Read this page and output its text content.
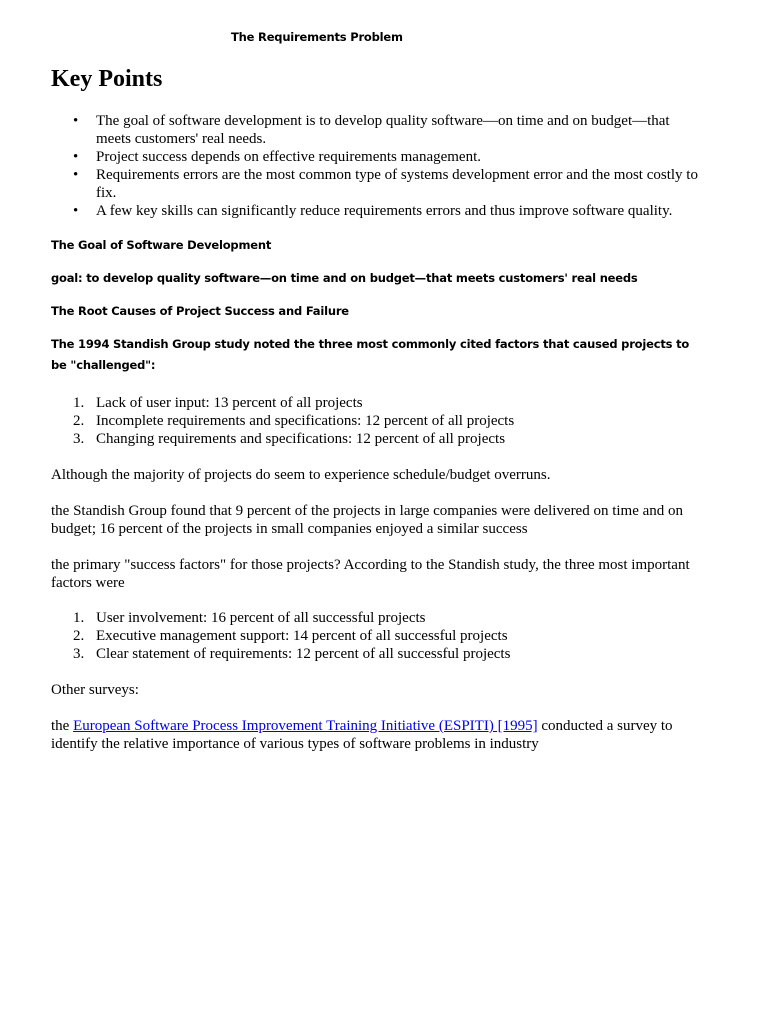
The Requirements Problem
Key Points
• The goal of software development is to develop quality software—on time and on budget—that meets customers' real needs.
• Project success depends on effective requirements management.
• Requirements errors are the most common type of systems development error and the most costly to fix.
• A few key skills can significantly reduce requirements errors and thus improve software quality.
The Goal of Software Development
goal: to develop quality software—on time and on budget—that meets customers' real needs
The Root Causes of Project Success and Failure
The 1994 Standish Group study noted the three most commonly cited factors that caused projects to be "challenged":
1. Lack of user input: 13 percent of all projects
2. Incomplete requirements and specifications: 12 percent of all projects
3. Changing requirements and specifications: 12 percent of all projects

Although the majority of projects do seem to experience schedule/budget overruns.

the Standish Group found that 9 percent of the projects in large companies were delivered on time and on budget; 16 percent of the projects in small companies enjoyed a similar success

the primary "success factors" for those projects? According to the Standish study, the three most important factors were

1. User involvement: 16 percent of all successful projects
2. Executive management support: 14 percent of all successful projects
3. Clear statement of requirements: 12 percent of all successful projects

Other surveys:

the European Software Process Improvement Training Initiative (ESPITI) [1995] conducted a survey to identify the relative importance of various types of software problems in industry
